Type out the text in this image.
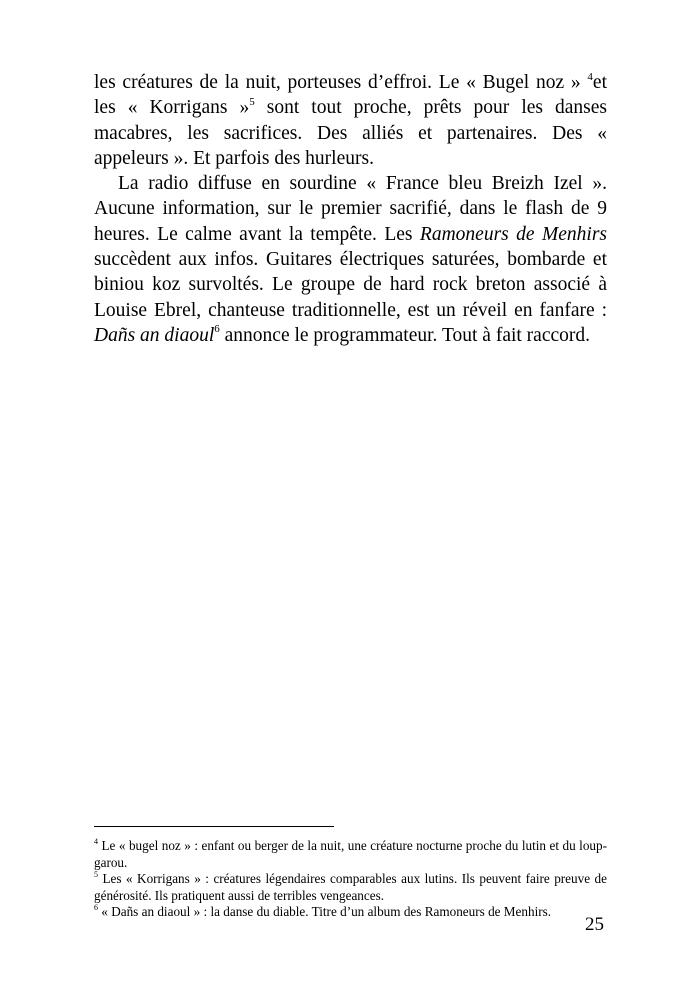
les créatures de la nuit, porteuses d’effroi. Le « Bugel noz » $^4$et les « Korrigans »$^5$ sont tout proche, prêts pour les danses macabres, les sacrifices. Des alliés et partenaires. Des « appeleurs ». Et parfois des hurleurs.

La radio diffuse en sourdine « France bleu Breizh Izel ». Aucune information, sur le premier sacrifié, dans le flash de 9 heures. Le calme avant la tempête. Les Ramoneurs de Menhirs succèdent aux infos. Guitares électriques saturées, bombarde et biniou koz survoltés. Le groupe de hard rock breton associé à Louise Ebrel, chanteuse traditionnelle, est un réveil en fanfare : Dañs an diaoul$^6$ annonce le programmateur. Tout à fait raccord.

$^4$ Le « bugel noz » : enfant ou berger de la nuit, une créature nocturne proche du lutin et du loup-garou.

$^5$ Les « Korrigans » : créatures légendaires comparables aux lutins. Ils peuvent faire preuve de générosité. Ils pratiquent aussi de terribles vengeances.

$^6$ « Dañs an diaoul » : la danse du diable. Titre d’un album des Ramoneurs de Menhirs.

25
